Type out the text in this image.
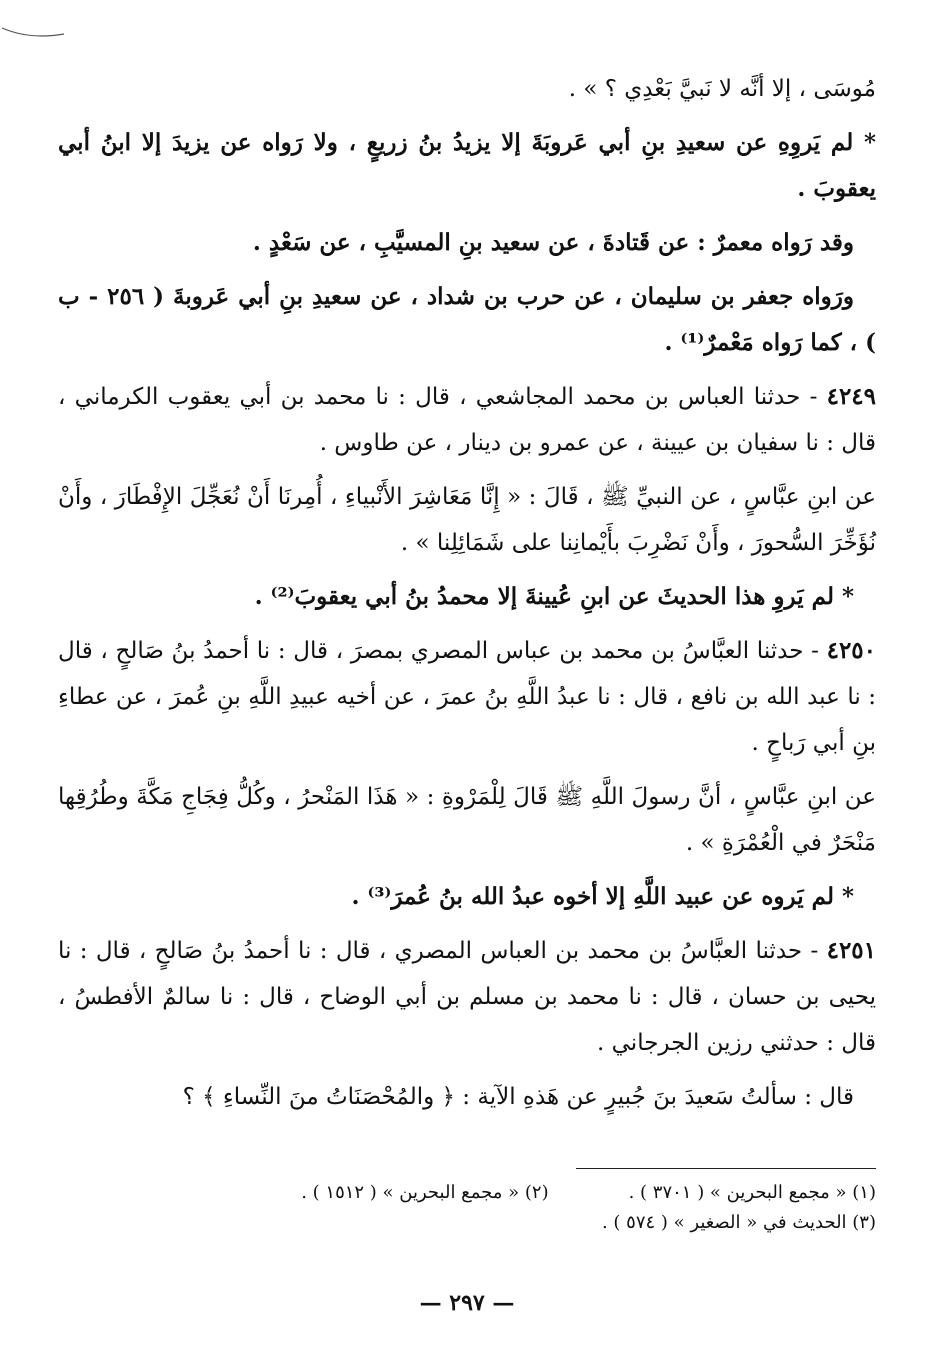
مُوسَى ، إلا أنَّه لا نَبيَّ بَعْدِي ؟ » .

* لم يَروِهِ عن سعيدِ بنِ أبي عَروبَةَ إلا يزيدُ بنُ زريعٍ ، ولا رَواه عن يزيدَ إلا ابنُ أبي يعقوبَ .

وقد رَواه معمرٌ : عن قَتادةَ ، عن سعيد بنِ المسيَّبِ ، عن سَعْدٍ .

ورَواه جعفر بن سليمان ، عن حرب بن شداد ، عن سعيدِ بنِ أبي عَروبةَ ( ٢٥٦ - ب ) ، كما رَواه مَعْمرٌ⁽¹⁾ .

٤٢٤٩ - حدثنا العباس بن محمد المجاشعي ، قال : نا محمد بن أبي يعقوب الكرماني ، قال : نا سفيان بن عيينة ، عن عمرو بن دينار ، عن طاوس .

عن ابنِ عبَّاسٍ ، عن النبيِّ ﷺ ، قَالَ : « إِنَّا مَعَاشِرَ الأَنْبياءِ ، أُمِرنَا أَنْ نُعَجِّلَ الإِفْطَارَ ، وأَنْ نُؤَخِّرَ السُّحورَ ، وأَنْ نَضْرِبَ بأَيْمانِنا على شَمَائِلِنا » .

* لم يَروِ هذا الحديثَ عن ابنِ عُيينةَ إلا محمدُ بنُ أبي يعقوبَ⁽²⁾ .

٤٢٥٠ - حدثنا العبَّاسُ بن محمد بن عباس المصري بمصرَ ، قال : نا أحمدُ بنُ صَالحٍ ، قال : نا عبد الله بن نافع ، قال : نا عبدُ اللَّهِ بنُ عمرَ ، عن أخيه عبيدِ اللَّهِ بنِ عُمرَ ، عن عطاءِ بنِ أبي رَباحٍ .

عن ابنِ عبَّاسٍ ، أنَّ رسولَ اللَّهِ ﷺ قَالَ لِلْمَرْوةِ : « هَذَا المَنْحرُ ، وكُلُّ فِجَاجِ مَكَّةَ وطُرُقِها مَنْحَرٌ في الْعُمْرَةِ » .

* لم يَروه عن عبيد اللَّهِ إلا أخوه عبدُ الله بنُ عُمرَ⁽³⁾ .

٤٢٥١ - حدثنا العبَّاسُ بن محمد بن العباس المصري ، قال : نا أحمدُ بنُ صَالحٍ ، قال : نا يحيى بن حسان ، قال : نا محمد بن مسلم بن أبي الوضاح ، قال : نا سالمٌ الأفطسُ ، قال : حدثني رزين الجرجاني .

قال : سألتُ سَعيدَ بنَ جُبيرٍ عن هَذهِ الآية : ﴿ والمُحْصَنَاتُ منَ النِّساءِ ﴾ ؟

(١) « مجمع البحرين » ( ٣٧٠١ ) .
(٢) « مجمع البحرين » ( ١٥١٢ ) .
(٣) الحديث في « الصغير » ( ٥٧٤ ) .
— ٢٩٧ —
